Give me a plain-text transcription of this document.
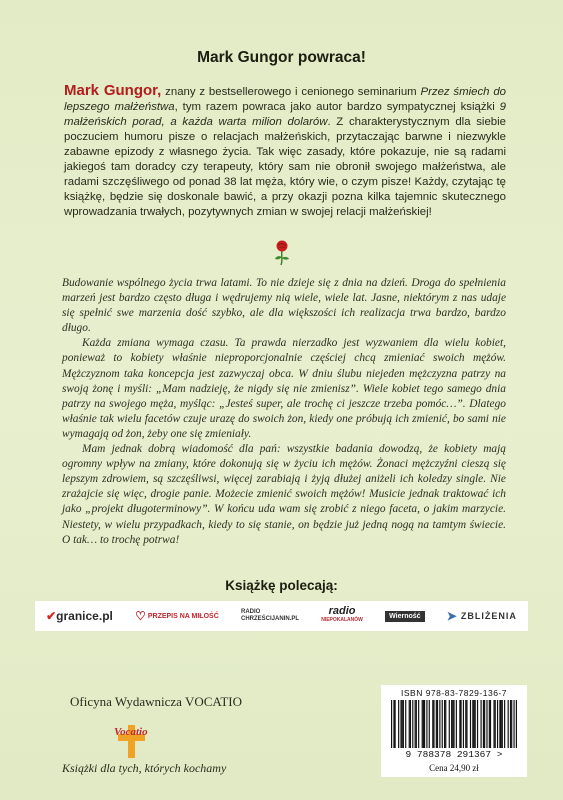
Mark Gungor powraca!
Mark Gungor, znany z bestsellerowego i cenionego seminarium Przez śmiech do lepszego małżeństwa, tym razem powraca jako autor bardzo sympatycznej książki 9 małżeńskich porad, a każda warta milion dolarów. Z charakterystycznym dla siebie poczuciem humoru pisze o relacjach małżeńskich, przytaczając barwne i niezwykle zabawne epizody z własnego życia. Tak więc zasady, które pokazuje, nie są radami jakiegoś tam doradcy czy terapeuty, który sam nie obronił swojego małżeństwa, ale radami szczęśliwego od ponad 38 lat męża, który wie, o czym pisze! Każdy, czytając tę książkę, będzie się doskonale bawić, a przy okazji pozna kilka tajemnic skutecznego wprowadzania trwałych, pozytywnych zmian w swojej relacji małżeńskiej!

Budowanie wspólnego życia trwa latami. To nie dzieje się z dnia na dzień. Droga do spełnienia marzeń jest bardzo często długa i wędrujemy nią wiele, wiele lat. Jasne, niektórym z nas udaje się spełnić swe marzenia dość szybko, ale dla większości ich realizacja trwa bardzo, bardzo długo.

Każda zmiana wymaga czasu. Ta prawda nierzadko jest wyzwaniem dla wielu kobiet, ponieważ to kobiety właśnie nieproporcjonalnie częściej chcą zmieniać swoich mężów. Mężczyznom taka koncepcja jest zazwyczaj obca. W dniu ślubu niejeden mężczyzna patrzy na swoją żonę i myśli: „Mam nadzieję, że nigdy się nie zmienisz”. Wiele kobiet tego samego dnia patrzy na swojego męża, myśląc: „Jesteś super, ale trochę ci jeszcze trzeba pomóc…”. Dlatego właśnie tak wielu facetów czuje urazę do swoich żon, kiedy one próbują ich zmienić, bo sami nie wymagają od żon, żeby one się zmieniały.

Mam jednak dobrą wiadomość dla pań: wszystkie badania dowodzą, że kobiety mają ogromny wpływ na zmiany, które dokonują się w życiu ich mężów. Żonaci mężczyźni cieszą się lepszym zdrowiem, są szczęśliwsi, więcej zarabiają i żyją dłużej aniżeli ich koledzy single. Nie zrażajcie się więc, drogie panie. Możecie zmienić swoich mężów! Musicie jednak traktować ich jako „projekt długoterminowy”. W końcu uda wam się zrobić z niego faceta, o jakim marzycie. Niestety, w wielu przypadkach, kiedy to się stanie, on będzie już jedną nogą na tamtym świecie. O tak… to trochę potrwa!

Książkę polecają:
✔ granice.pl ♡ PRZEPIS NA MIŁOŚĆ
RADIO
CHRZEŚCIJANIN.PL
radio
NIEPOKALANÓW
Wierność	➤ ZBLIŻENIA
Oficyna Wydawnicza VOCATIO
Vocatio
Książki dla tych, których kochamy
ISBN 978-83-7829-136-7
9 788378 291367 >
Cena 24,90 zł
